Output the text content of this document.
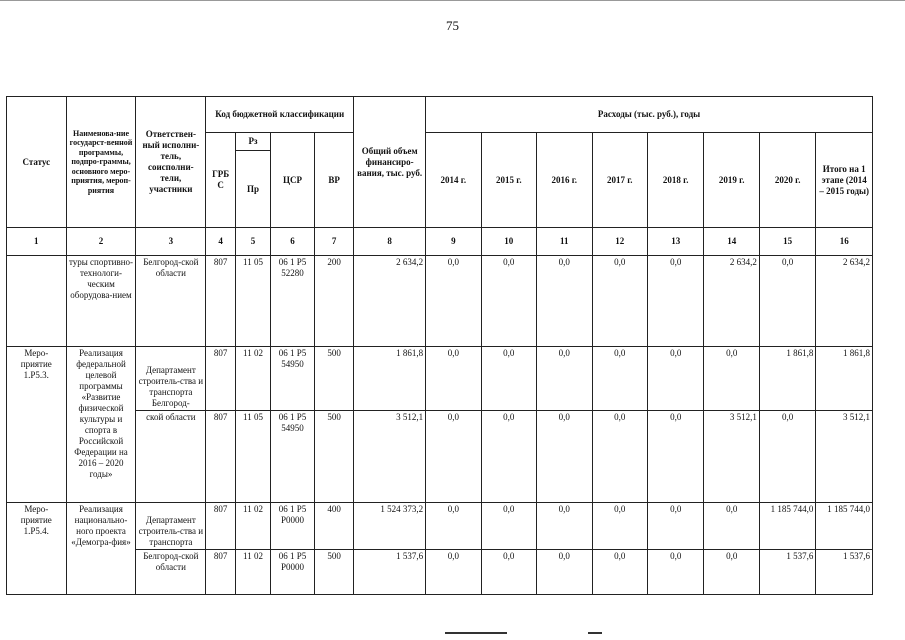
75
Статус	Наименова-ние государст-венной программы, подпро-граммы, основного меро-приятия, мероп-риятия	Ответствен-ный исполни-тель, соисполни-тели, участники	Код бюджетной классификации				Общий объем финансиро-вания, тыс. руб.	Расходы (тыс. руб.), годы							
			ГРБ С	Рз	ЦСР	ВР		2014 г.	2015 г.	2016 г.	2017 г.	2018 г.	2019 г.	2020 г.	Итого на 1 этапе (2014 – 2015 годы)
				Пр											
1	2	3	4	5	6	7	8	9	10	11	12	13	14	15	16
	туры спортивно-технологи-ческим оборудова-нием	Белгород-ской области	807	11 05	06 1 P5 52280	200	2 634,2	0,0	0,0	0,0	0,0	0,0	2 634,2	0,0	2 634,2
Меро-приятие 1.Р5.3.	Реализация федеральной целевой программы «Развитие физической культуры и спорта в Российской Федерации на 2016 – 2020 годы»	Департамент строитель-ства и транспорта Белгород-	807	11 02	06 1 P5 54950	500	1 861,8	0,0	0,0	0,0	0,0	0,0	0,0	1 861,8	1 861,8
		ской области	807	11 05	06 1 P5 54950	500	3 512,1	0,0	0,0	0,0	0,0	0,0	3 512,1	0,0	3 512,1
Меро-приятие 1.Р5.4.	Реализация национально-ного проекта «Демогра-фия»	Департамент строитель-ства и транспорта	807	11 02	06 1 P5 P0000	400	1 524 373,2	0,0	0,0	0,0	0,0	0,0	0,0	1 185 744,0	1 185 744,0
		Белгород-ской области	807	11 02	06 1 P5 P0000	500	1 537,6	0,0	0,0	0,0	0,0	0,0	0,0	1 537,6	1 537,6
